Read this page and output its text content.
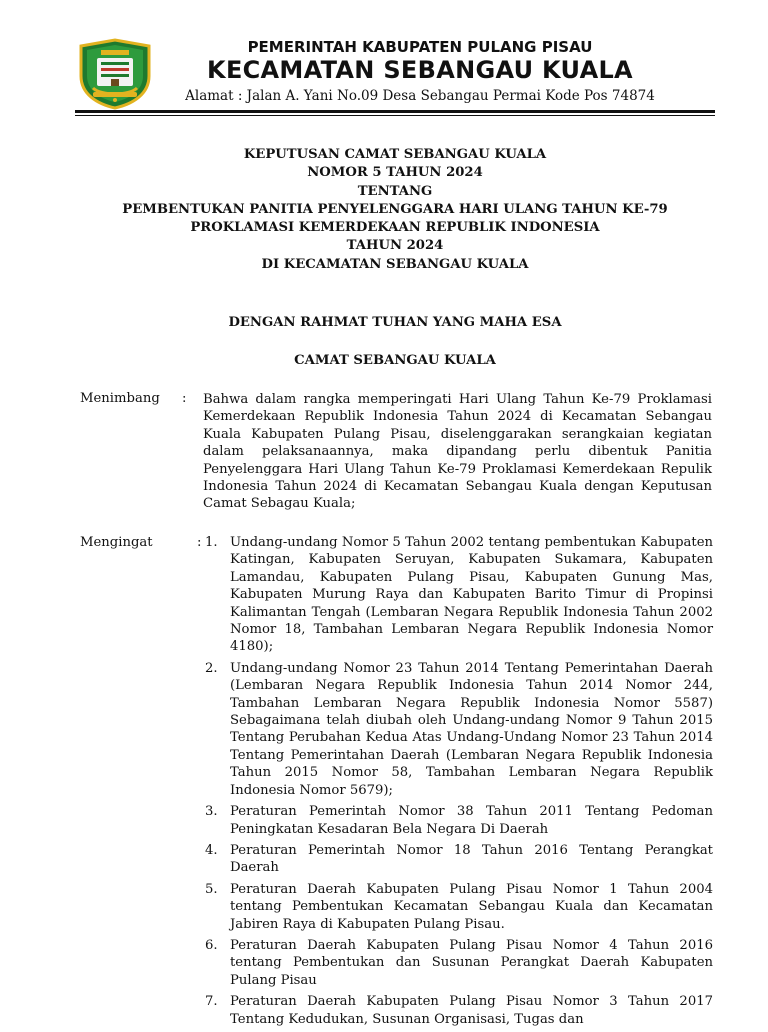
PEMERINTAH KABUPATEN PULANG PISAU
KECAMATAN SEBANGAU KUALA
Alamat : Jalan A. Yani No.09 Desa Sebangau Permai Kode Pos 74874
KEPUTUSAN CAMAT SEBANGAU KUALA
NOMOR 5 TAHUN 2024
TENTANG
PEMBENTUKAN PANITIA PENYELENGGARA HARI ULANG TAHUN KE-79
PROKLAMASI KEMERDEKAAN REPUBLIK INDONESIA
TAHUN 2024
DI KECAMATAN SEBANGAU KUALA
DENGAN RAHMAT TUHAN YANG MAHA ESA
CAMAT SEBANGAU KUALA
Menimbang : Bahwa dalam rangka memperingati Hari Ulang Tahun Ke-79 Proklamasi Kemerdekaan Republik Indonesia Tahun 2024 di Kecamatan Sebangau Kuala Kabupaten Pulang Pisau, diselenggarakan serangkaian kegiatan dalam pelaksanaannya, maka dipandang perlu dibentuk Panitia Penyelenggara Hari Ulang Tahun Ke-79 Proklamasi Kemerdekaan Repulik Indonesia Tahun 2024 di Kecamatan Sebangau Kuala dengan Keputusan Camat Sebagau Kuala;
Mengingat	: 1. Undang-undang Nomor 5 Tahun 2002 tentang pembentukan Kabupaten Katingan, Kabupaten Seruyan, Kabupaten Sukamara, Kabupaten Lamandau, Kabupaten Pulang Pisau, Kabupaten Gunung Mas, Kabupaten Murung Raya dan Kabupaten Barito Timur di Propinsi Kalimantan Tengah (Lembaran Negara Republik Indonesia Tahun 2002 Nomor 18, Tambahan Lembaran Negara Republik Indonesia Nomor 4180);
2. Undang-undang Nomor 23 Tahun 2014 Tentang Pemerintahan Daerah (Lembaran Negara Republik Indonesia Tahun 2014 Nomor 244, Tambahan Lembaran Negara Republik Indonesia Nomor 5587) Sebagaimana telah diubah oleh Undang-undang Nomor 9 Tahun 2015 Tentang Perubahan Kedua Atas Undang-Undang Nomor 23 Tahun 2014 Tentang Pemerintahan Daerah (Lembaran Negara Republik Indonesia Tahun 2015 Nomor 58, Tambahan Lembaran Negara Republik Indonesia Nomor 5679);
3. Peraturan Pemerintah Nomor 38 Tahun 2011 Tentang Pedoman Peningkatan Kesadaran Bela Negara Di Daerah
4. Peraturan Pemerintah Nomor 18 Tahun 2016 Tentang Perangkat Daerah
5. Peraturan Daerah Kabupaten Pulang Pisau Nomor 1 Tahun 2004 tentang Pembentukan Kecamatan Sebangau Kuala dan Kecamatan Jabiren Raya di Kabupaten Pulang Pisau.
6. Peraturan Daerah Kabupaten Pulang Pisau Nomor 4 Tahun 2016 tentang Pembentukan dan Susunan Perangkat Daerah Kabupaten Pulang Pisau
7. Peraturan Daerah Kabupaten Pulang Pisau Nomor 3 Tahun 2017 Tentang Kedudukan, Susunan Organisasi, Tugas dan
